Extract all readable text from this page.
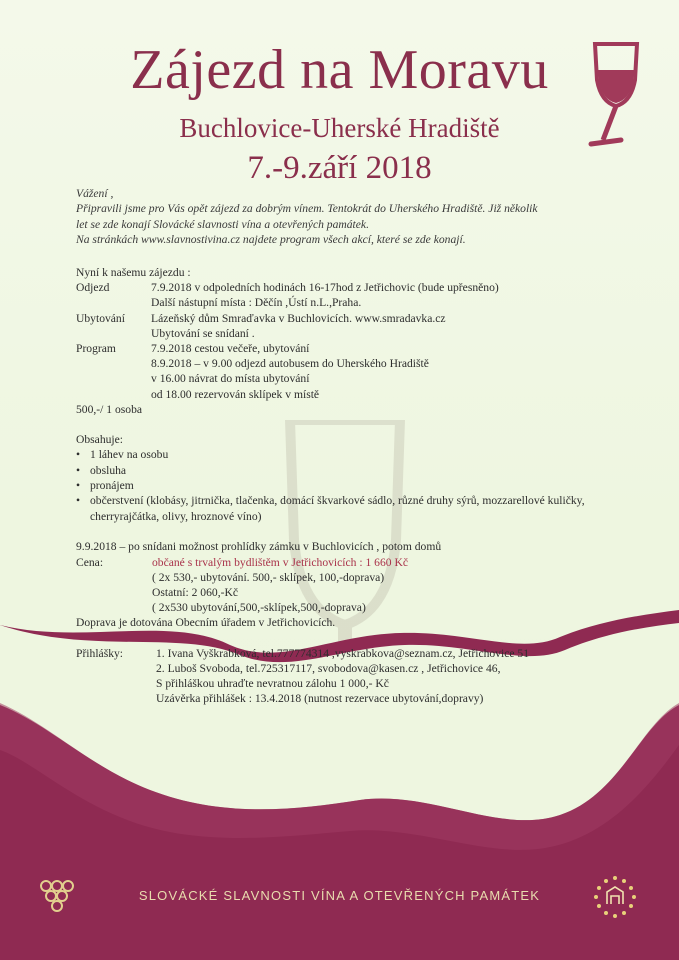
Zájezd na Moravu
Buchlovice-Uherské Hradiště
7.-9.září 2018

Vážení ,

Připravili jsme pro Vás opět zájezd za dobrým vínem. Tentokrát do Uherského Hradiště. Již několik

let se zde konají Slovácké slavnosti vína a otevřených památek.

Na stránkách www.slavnostivina.cz najdete program všech akcí, které se zde konají.

Nyní k našemu zájezdu :
Odjezd	7.9.2018 v odpoledních hodinách 16-17hod z Jetřichovic (bude upřesněno)
Další nástupní místa : Děčín ,Ústí n.L.,Praha.
Ubytování Lázeňský dům Smraďavka v Buchlovicích. www.smradavka.cz
Ubytování se snídaní .
Program	7.9.2018 cestou večeře, ubytování
8.9.2018 – v 9.00 odjezd autobusem do Uherského Hradiště
v 16.00 návrat do místa ubytování
od 18.00 rezervován sklípek v místě
500,-/ 1 osoba
Obsahuje:
• 1 láhev na osobu
• obsluha
• pronájem
• občerstvení (klobásy, jitrnička, tlačenka, domácí škvarkové sádlo, různé druhy sýrů, mozzarellové kuličky, cherryrajčátka, olivy, hroznové víno)
9.9.2018 – po snídani možnost prohlídky zámku v Buchlovicích , potom domů
Cena:	občané s trvalým bydlištěm v Jetřichovicích : 1 660 Kč
( 2x 530,- ubytování. 500,- sklípek, 100,-doprava)
Ostatní: 2 060,-Kč
( 2x530 ubytování,500,-sklípek,500,-doprava)
Doprava je dotována Obecním úřadem v Jetřichovicích.
Přihlášky:	1. Ivana Vyškrabková, tel.777774314 ,vyskrabkova@seznam.cz, Jetřichovice 51
2. Luboš Svoboda, tel.725317117, svobodova@kasen.cz , Jetřichovice 46,
S přihláškou uhraďte nevratnou zálohu 1 000,- Kč
Uzávěrka přihlášek : 13.4.2018 (nutnost rezervace ubytování,dopravy)
SLOVÁCKÉ SLAVNOSTI VÍNA A OTEVŘENÝCH PAMÁTEK
